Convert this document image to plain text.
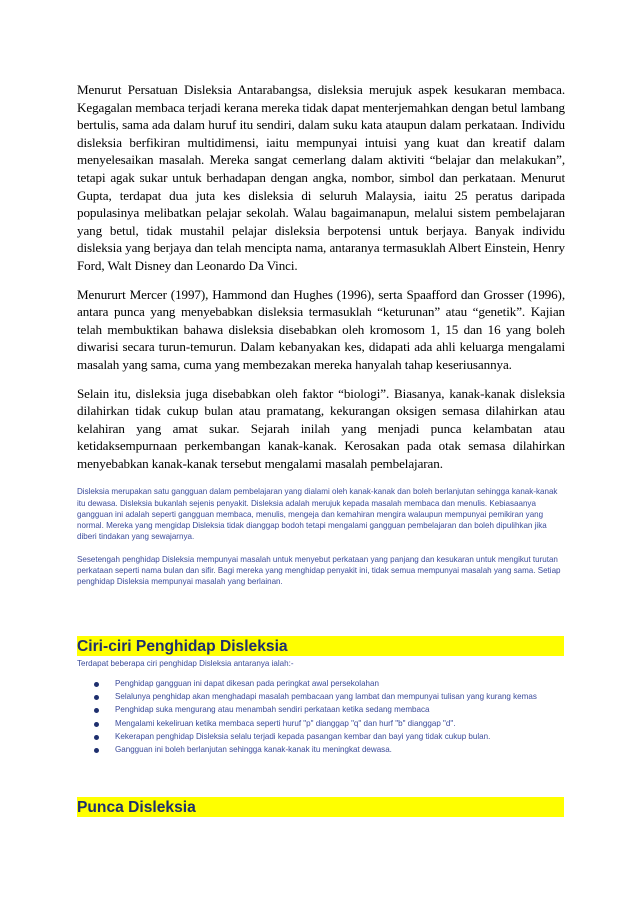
Menurut Persatuan Disleksia Antarabangsa, disleksia merujuk aspek kesukaran membaca. Kegagalan membaca terjadi kerana mereka tidak dapat menterjemahkan dengan betul lambang bertulis, sama ada dalam huruf itu sendiri, dalam suku kata ataupun dalam perkataan. Individu disleksia berfikiran multidimensi, iaitu mempunyai intuisi yang kuat dan kreatif dalam menyelesaikan masalah. Mereka sangat cemerlang dalam aktiviti “belajar dan melakukan”, tetapi agak sukar untuk berhadapan dengan angka, nombor, simbol dan perkataan. Menurut Gupta, terdapat dua juta kes disleksia di seluruh Malaysia, iaitu 25 peratus daripada populasinya melibatkan pelajar sekolah. Walau bagaimanapun, melalui sistem pembelajaran yang betul, tidak mustahil pelajar disleksia berpotensi untuk berjaya. Banyak individu disleksia yang berjaya dan telah mencipta nama, antaranya termasuklah Albert Einstein, Henry Ford, Walt Disney dan Leonardo Da Vinci.

Menururt Mercer (1997), Hammond dan Hughes (1996), serta Spaafford dan Grosser (1996), antara punca yang menyebabkan disleksia termasuklah “keturunan” atau “genetik”. Kajian telah membuktikan bahawa disleksia disebabkan oleh kromosom 1, 15 dan 16 yang boleh diwarisi secara turun-temurun. Dalam kebanyakan kes, didapati ada ahli keluarga mengalami masalah yang sama, cuma yang membezakan mereka hanyalah tahap keseriusannya.

Selain itu, disleksia juga disebabkan oleh faktor “biologi”. Biasanya, kanak-kanak disleksia dilahirkan tidak cukup bulan atau pramatang, kekurangan oksigen semasa dilahirkan atau kelahiran yang amat sukar. Sejarah inilah yang menjadi punca kelambatan atau ketidaksempurnaan perkembangan kanak-kanak. Kerosakan pada otak semasa dilahirkan menyebabkan kanak-kanak tersebut mengalami masalah pembelajaran.

Disleksia merupakan satu gangguan dalam pembelajaran yang dialami oleh kanak-kanak dan boleh berlanjutan sehingga kanak-kanak itu dewasa. Disleksia bukanlah sejenis penyakit. Disleksia adalah merujuk kepada masalah membaca dan menulis. Kebiasaanya gangguan ini adalah seperti gangguan membaca, menulis, mengeja dan kemahiran mengira walaupun mempunyai pemikiran yang normal. Mereka yang mengidap Disleksia tidak dianggap bodoh tetapi mengalami gangguan pembelajaran dan boleh dipulihkan jika diberi tindakan yang sewajarnya.

Sesetengah penghidap Disleksia mempunyai masalah untuk menyebut perkataan yang panjang dan kesukaran untuk mengikut turutan perkataan seperti nama bulan dan sifir. Bagi mereka yang menghidap penyakit ini, tidak semua mempunyai masalah yang sama. Setiap penghidap Disleksia mempunyai masalah yang berlainan.

Ciri-ciri Penghidap Disleksia

Terdapat beberapa ciri penghidap Disleksia antaranya ialah:-

Penghidap gangguan ini dapat dikesan pada peringkat awal persekolahan
Selalunya penghidap akan menghadapi masalah pembacaan yang lambat dan mempunyai tulisan yang kurang kemas
Penghidap suka mengurang atau menambah sendiri perkataan ketika sedang membaca
Mengalami kekeliruan ketika membaca seperti huruf "p" dianggap "q" dan hurf "b" dianggap "d".
Kekerapan penghidap Disleksia selalu terjadi kepada pasangan kembar dan bayi yang tidak cukup bulan.
Gangguan ini boleh berlanjutan sehingga kanak-kanak itu meningkat dewasa.
Punca Disleksia
